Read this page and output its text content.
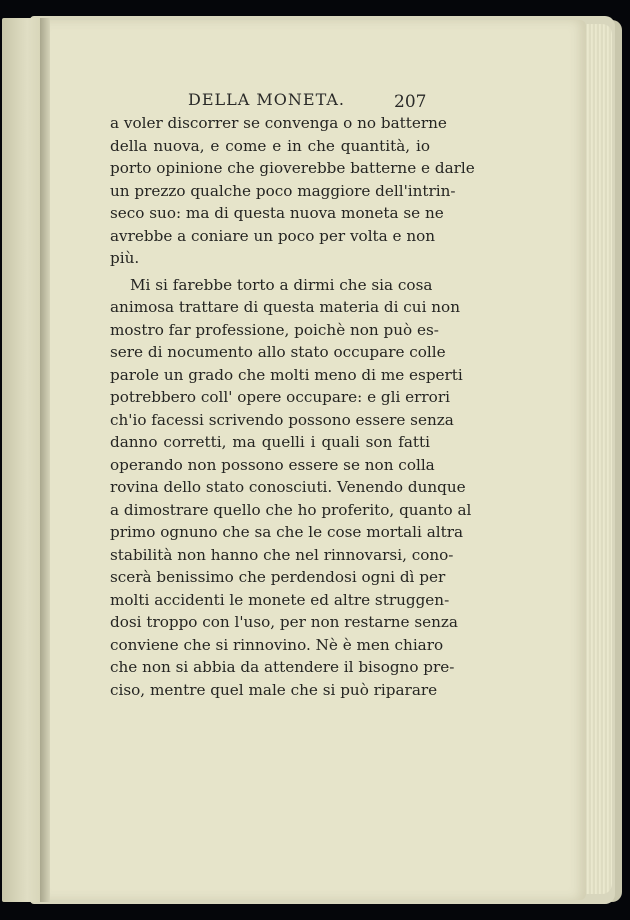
DELLA MONETA.	207
a voler discorrer se convenga o no batterne
della nuova, e come e in che quantità, io
porto opinione che gioverebbe batterne e darle
un prezzo qualche poco maggiore dell'intrin-
seco suo: ma di questa nuova moneta se ne
avrebbe a coniare un poco per volta e non
più.
Mi si farebbe torto a dirmi che sia cosa
animosa trattare di questa materia di cui non
mostro far professione, poichè non può es-
sere di nocumento allo stato occupare colle
parole un grado che molti meno di me esperti
potrebbero coll' opere occupare: e gli errori
ch'io facessi scrivendo possono essere senza
danno corretti, ma quelli i quali son fatti
operando non possono essere se non colla
rovina dello stato conosciuti. Venendo dunque
a dimostrare quello che ho proferito, quanto al
primo ognuno che sa che le cose mortali altra
stabilità non hanno che nel rinnovarsi, cono-
scerà benissimo che perdendosi ogni dì per
molti accidenti le monete ed altre struggen-
dosi troppo con l'uso, per non restarne senza
conviene che si rinnovino. Nè è men chiaro
che non si abbia da attendere il bisogno pre-
ciso, mentre quel male che si può riparare
